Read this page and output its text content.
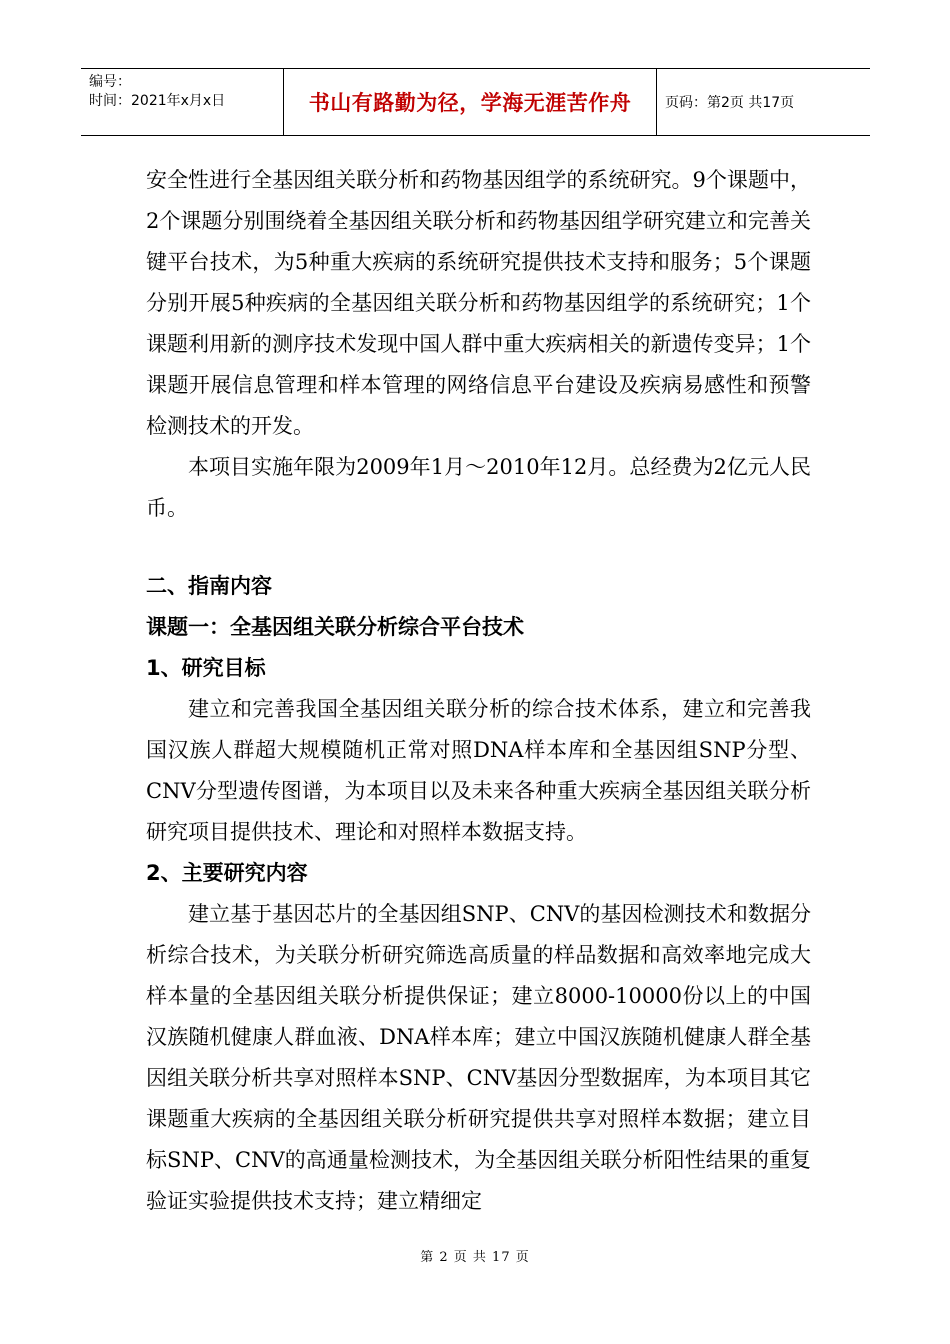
编号：
时间：2021年x月x日	书山有路勤为径，学海无涯苦作舟 页码：第2页 共17页

安全性进行全基因组关联分析和药物基因组学的系统研究。9个课题中，2个课题分别围绕着全基因组关联分析和药物基因组学研究建立和完善关键平台技术，为5种重大疾病的系统研究提供技术支持和服务；5个课题分别开展5种疾病的全基因组关联分析和药物基因组学的系统研究；1个课题利用新的测序技术发现中国人群中重大疾病相关的新遗传变异；1个课题开展信息管理和样本管理的网络信息平台建设及疾病易感性和预警检测技术的开发。

本项目实施年限为2009年1月～2010年12月。总经费为2亿元人民币。

二、指南内容

课题一：全基因组关联分析综合平台技术

1、研究目标

建立和完善我国全基因组关联分析的综合技术体系，建立和完善我国汉族人群超大规模随机正常对照DNA样本库和全基因组SNP分型、CNV分型遗传图谱，为本项目以及未来各种重大疾病全基因组关联分析研究项目提供技术、理论和对照样本数据支持。

2、主要研究内容

建立基于基因芯片的全基因组SNP、CNV的基因检测技术和数据分析综合技术，为关联分析研究筛选高质量的样品数据和高效率地完成大样本量的全基因组关联分析提供保证；建立8000-10000份以上的中国汉族随机健康人群血液、DNA样本库；建立中国汉族随机健康人群全基因组关联分析共享对照样本SNP、CNV基因分型数据库，为本项目其它课题重大疾病的全基因组关联分析研究提供共享对照样本数据；建立目标SNP、CNV的高通量检测技术，为全基因组关联分析阳性结果的重复验证实验提供技术支持；建立精细定

第 2 页 共 17 页
